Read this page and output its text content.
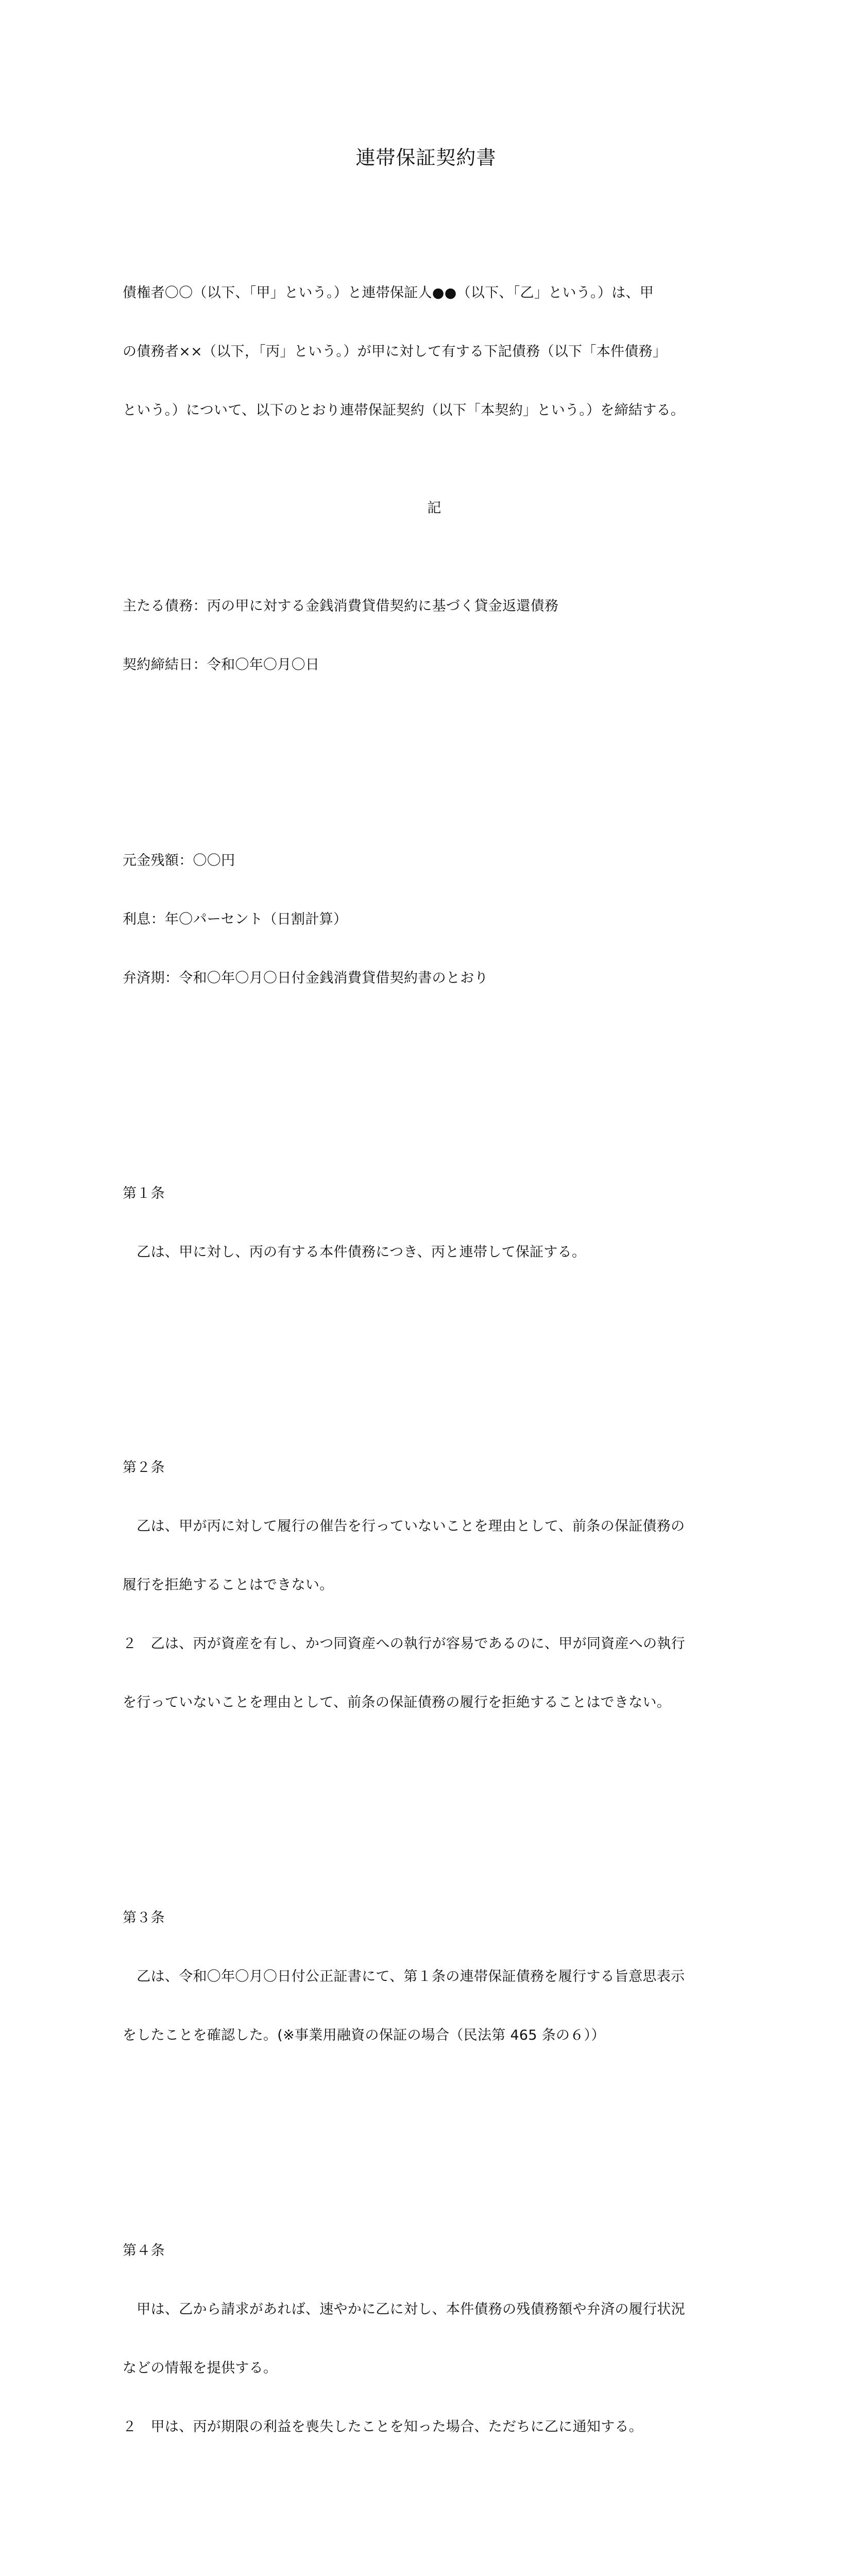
連帯保証契約書

債権者〇〇（以下、「甲」という。）と連帯保証人●●（以下、「乙」という。）は、甲

の債務者××（以下，「丙」という。）が甲に対して有する下記債務（以下「本件債務」

という。）について、以下のとおり連帯保証契約（以下「本契約」という。）を締結する。

記

主たる債務：丙の甲に対する金銭消費貸借契約に基づく貸金返還債務

契約締結日：令和〇年〇月〇日

元金残額：〇〇円

利息：年〇パーセント（日割計算）

弁済期：令和〇年〇月〇日付金銭消費貸借契約書のとおり

第１条

　乙は、甲に対し、丙の有する本件債務につき、丙と連帯して保証する。

第２条

　乙は、甲が丙に対して履行の催告を行っていないことを理由として、前条の保証債務の

履行を拒絶することはできない。

２　乙は、丙が資産を有し、かつ同資産への執行が容易であるのに、甲が同資産への執行

を行っていないことを理由として、前条の保証債務の履行を拒絶することはできない。

第３条

　乙は、令和〇年〇月〇日付公正証書にて、第１条の連帯保証債務を履行する旨意思表示

をしたことを確認した。(※事業用融資の保証の場合（民法第 465 条の６））

第４条

　甲は、乙から請求があれば、速やかに乙に対し、本件債務の残債務額や弁済の履行状況

などの情報を提供する。

２　甲は、丙が期限の利益を喪失したことを知った場合、ただちに乙に通知する。
